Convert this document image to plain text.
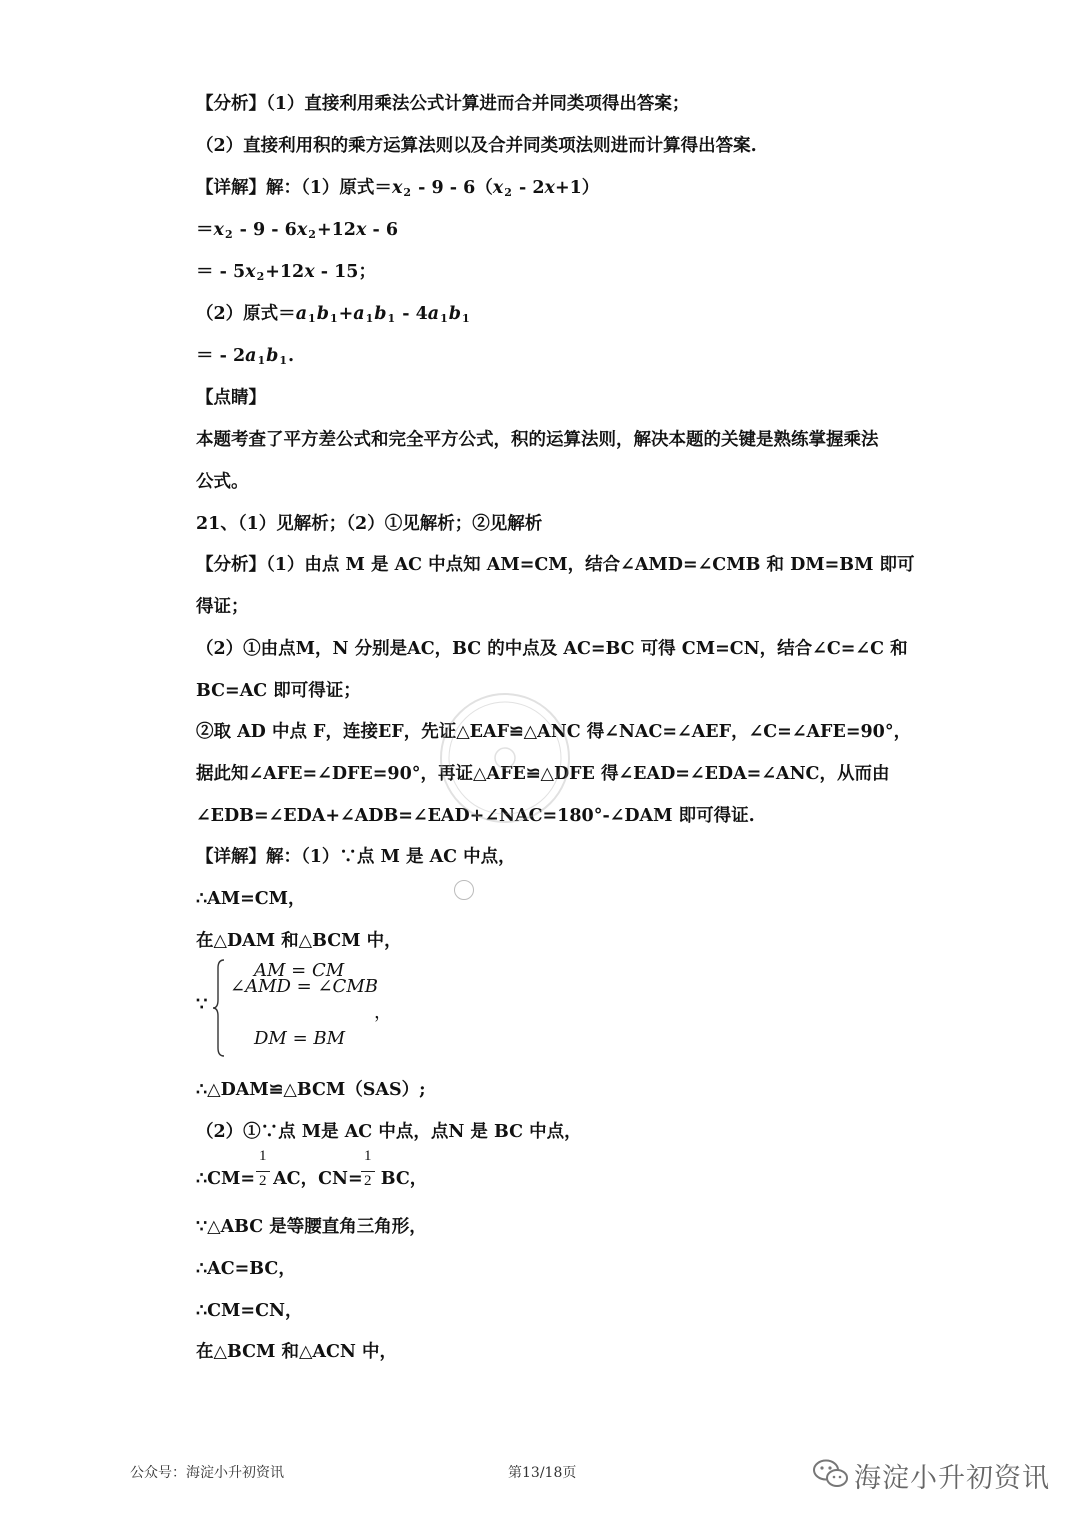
【分析】（1）直接利用乘法公式计算进而合并同类项得出答案；
（2）直接利用积的乘方运算法则以及合并同类项法则进而计算得出答案.
【详解】解：（1）原式$=x_2 - 9 - 6(x_2 - 2x+1)$
$=x_2 - 9 - 6x_2+12x - 6$
＝ - $5x_2+12x - 15$；
（2）原式$=a_1b_1+a_1b_1 - 4a_1b_1$
＝ - $2a_1b_1$.
【点睛】
本题考查了平方差公式和完全平方公式，积的运算法则，解决本题的关键是熟练掌握乘法
公式。
21、（1）见解析；（2）①见解析；②见解析
【分析】（1）由点 M 是 AC 中点知 AM=CM，结合∠AMD=∠CMB 和 DM=BM 即可
得证；
（2）①由点M，N 分别是AC，BC 的中点及 AC=BC 可得 CM=CN，结合∠C=∠C 和
BC=AC 即可得证；
②取 AD 中点 F，连接EF，先证△EAF≌△ANC 得∠NAC=∠AEF，∠C=∠AFE=90°，
据此知∠AFE=∠DFE=90°，再证△AFE≌△DFE 得∠EAD=∠EDA=∠ANC，从而由
∠EDB=∠EDA+∠ADB=∠EAD+∠NAC=180°-∠DAM 即可得证.
【详解】解：（1）∵点 M 是 AC 中点，
∴AM=CM，
在△DAM 和△BCM 中，
∵
AM = CM
∠AMD = ∠CMB
DM = BM
，
∴△DAM≌△BCM（SAS）;
（2）①∵点 M是 AC 中点，点N 是 BC 中点，
∴CM= AC，CN= BC，
1
2
1
2
∵△ABC 是等腰直角三角形，
∴AC=BC，
∴CM=CN，
在△BCM 和△ACN 中，
公众号：海淀小升初资讯	第13/18页	海淀小升初资讯
